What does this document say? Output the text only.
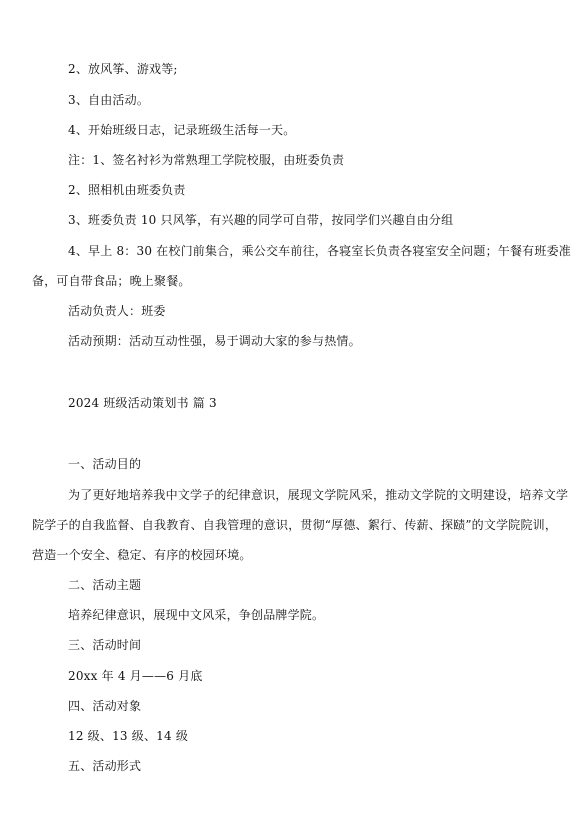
2、放风筝、游戏等;
3、自由活动。
4、开始班级日志，记录班级生活每一天。
注：1、签名衬衫为常熟理工学院校服，由班委负责
2、照相机由班委负责
3、班委负责 10 只风筝，有兴趣的同学可自带，按同学们兴趣自由分组
4、早上 8：30 在校门前集合，乘公交车前往，各寝室长负责各寝室安全问题；午餐有班委准
备，可自带食品；晚上聚餐。
活动负责人：班委
活动预期：活动互动性强，易于调动大家的参与热情。
2024 班级活动策划书 篇 3
一、活动目的
为了更好地培养我中文学子的纪律意识，展现文学院风采，推动文学院的文明建设，培养文学
院学子的自我监督、自我教育、自我管理的意识，贯彻“厚德、絮行、传薪、探赜”的文学院院训，
营造一个安全、稳定、有序的校园环境。
二、活动主题
培养纪律意识，展现中文风采，争创品牌学院。
三、活动时间
20xx 年 4 月——6 月底
四、活动对象
12 级、13 级、14 级
五、活动形式
